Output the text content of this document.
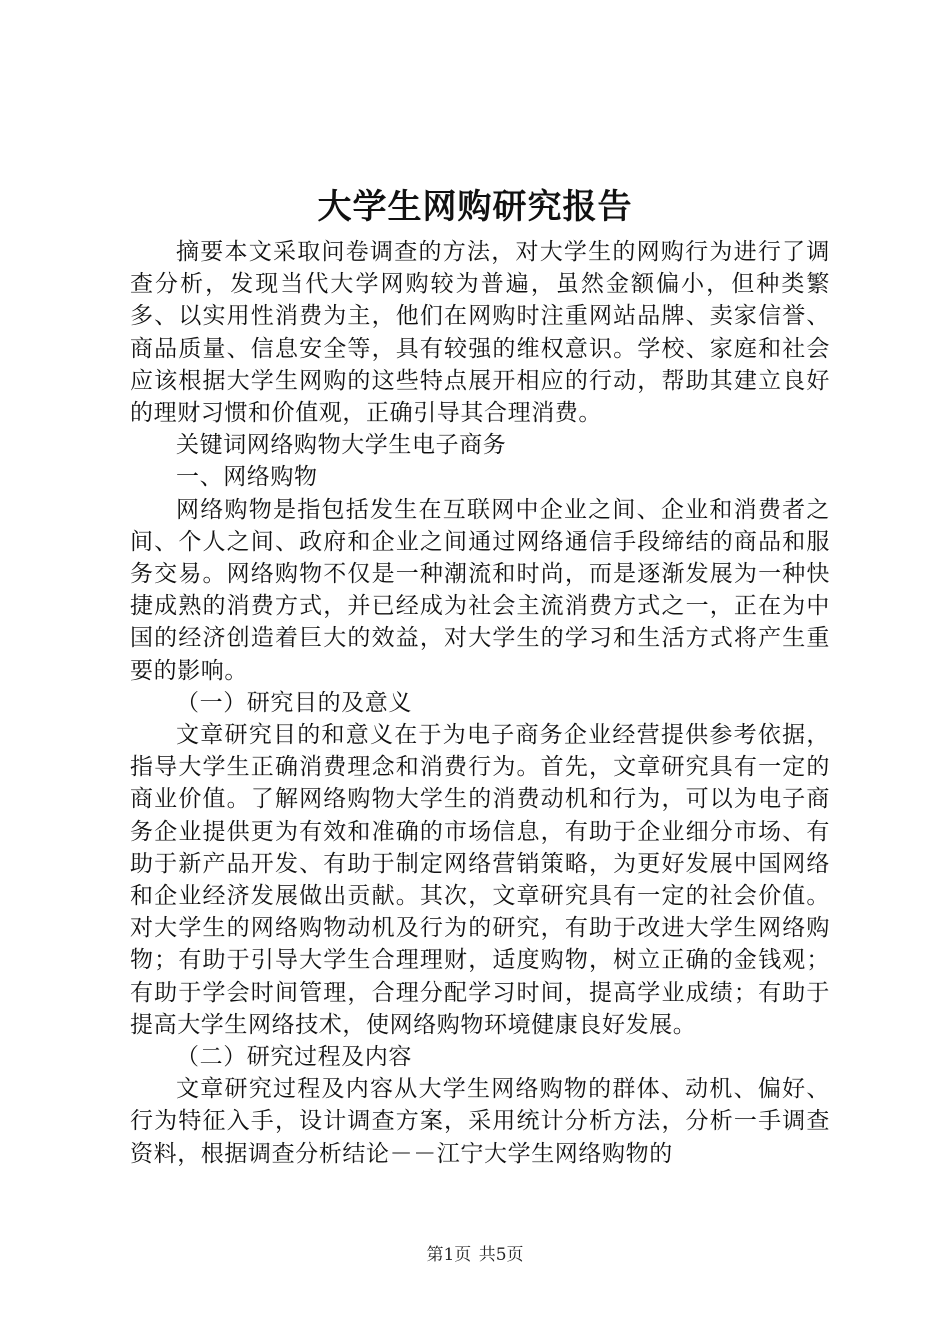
大学生网购研究报告

摘要本文采取问卷调查的方法，对大学生的网购行为进行了调查分析，发现当代大学网购较为普遍，虽然金额偏小，但种类繁多、以实用性消费为主，他们在网购时注重网站品牌、卖家信誉、商品质量、信息安全等，具有较强的维权意识。学校、家庭和社会应该根据大学生网购的这些特点展开相应的行动，帮助其建立良好的理财习惯和价值观，正确引导其合理消费。

关键词网络购物大学生电子商务

一、网络购物

网络购物是指包括发生在互联网中企业之间、企业和消费者之间、个人之间、政府和企业之间通过网络通信手段缔结的商品和服务交易。网络购物不仅是一种潮流和时尚，而是逐渐发展为一种快捷成熟的消费方式，并已经成为社会主流消费方式之一，正在为中国的经济创造着巨大的效益，对大学生的学习和生活方式将产生重要的影响。

（一）研究目的及意义

文章研究目的和意义在于为电子商务企业经营提供参考依据，指导大学生正确消费理念和消费行为。首先，文章研究具有一定的商业价值。了解网络购物大学生的消费动机和行为，可以为电子商务企业提供更为有效和准确的市场信息，有助于企业细分市场、有助于新产品开发、有助于制定网络营销策略，为更好发展中国网络和企业经济发展做出贡献。其次，文章研究具有一定的社会价值。对大学生的网络购物动机及行为的研究，有助于改进大学生网络购物；有助于引导大学生合理理财，适度购物，树立正确的金钱观；有助于学会时间管理，合理分配学习时间，提高学业成绩；有助于提高大学生网络技术，使网络购物环境健康良好发展。

（二）研究过程及内容

文章研究过程及内容从大学生网络购物的群体、动机、偏好、行为特征入手，设计调查方案，采用统计分析方法，分析一手调查资料，根据调查分析结论－－江宁大学生网络购物的

第1页 共5页
